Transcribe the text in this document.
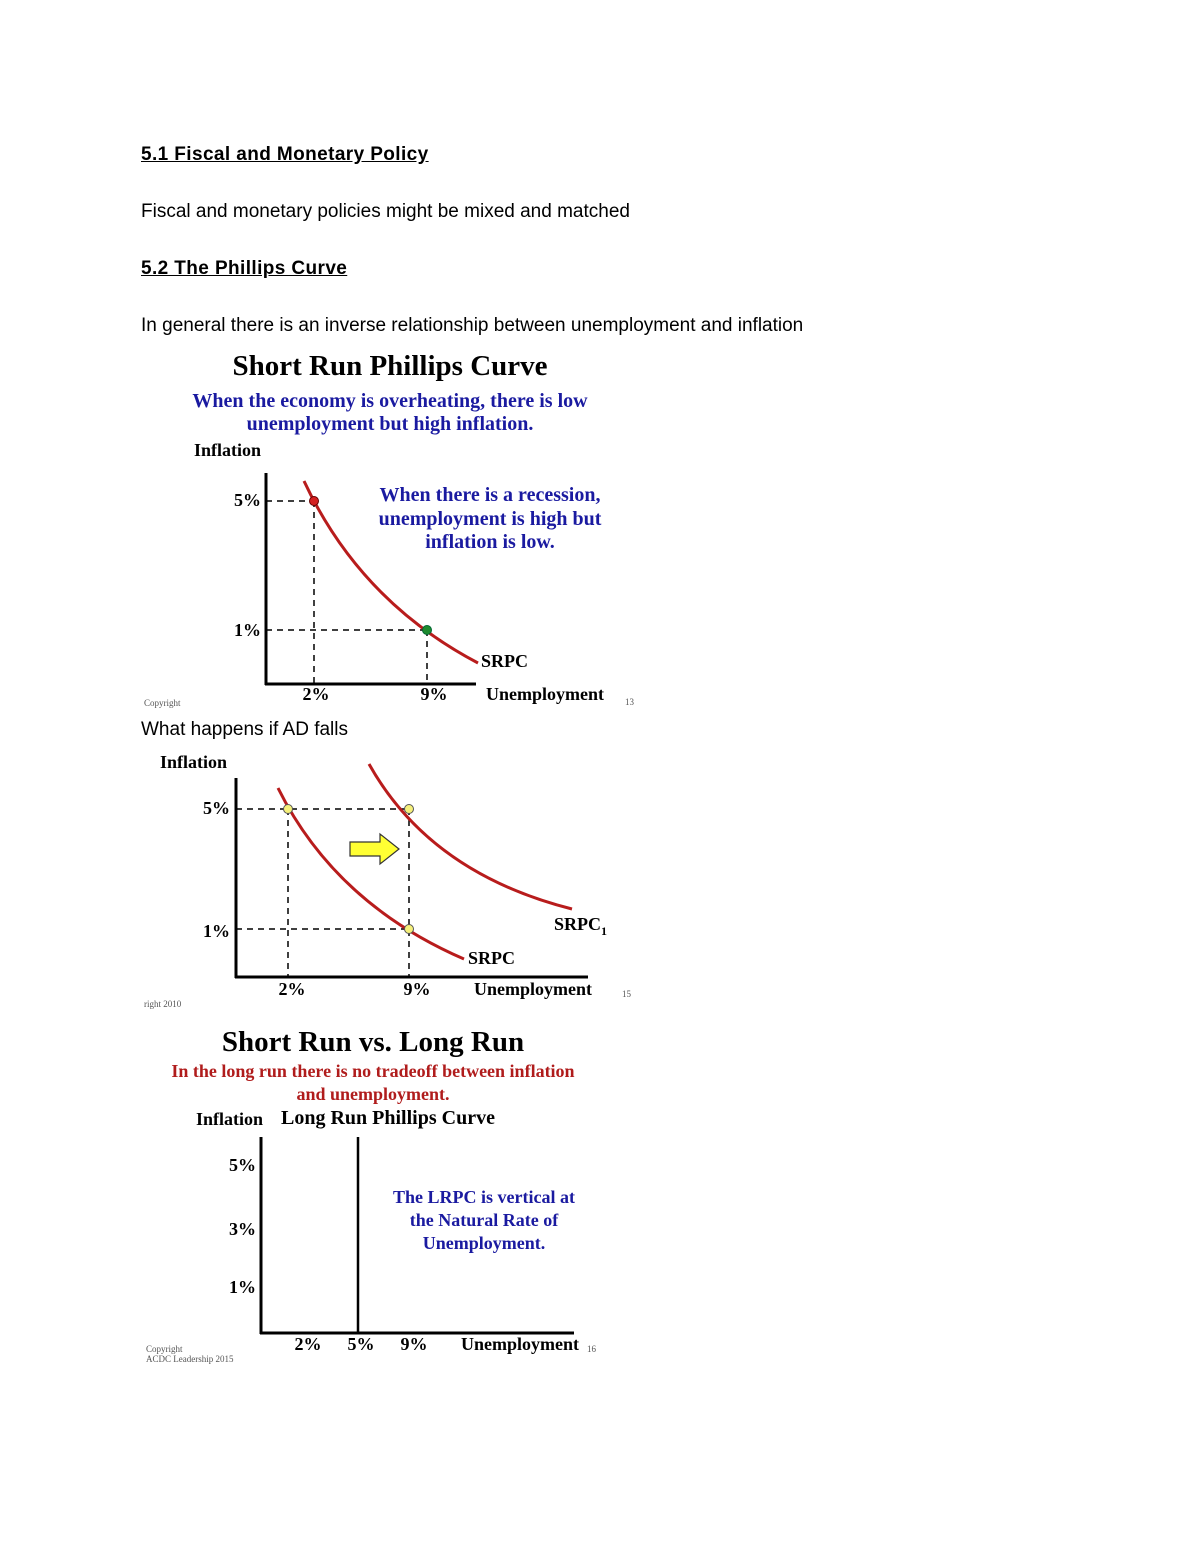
5.1 Fiscal and Monetary Policy
Fiscal and monetary policies might be mixed and matched
5.2 The Phillips Curve
In general there is an inverse relationship between unemployment and inflation
What happens if AD falls
Short Run Phillips Curve
When the economy is overheating, there is low
unemployment but high inflation.
Inflation
5%
1%
2%	9% Unemployment
SRPC
When there is a recession,
unemployment is high but
inflation is low.
Copyright	13
Inflation
5%
1%
2%	9% Unemployment
SRPC
$SRPC_1$
right 2010
15
Short Run vs. Long Run
In the long run there is no tradeoff between inflation
and unemployment.
Inflation Long Run Phillips Curve
5%
3%
1%
2% 5% 9% Unemployment
The LRPC is vertical at
the Natural Rate of
Unemployment.
Copyright
ACDC Leadership 2015
16
